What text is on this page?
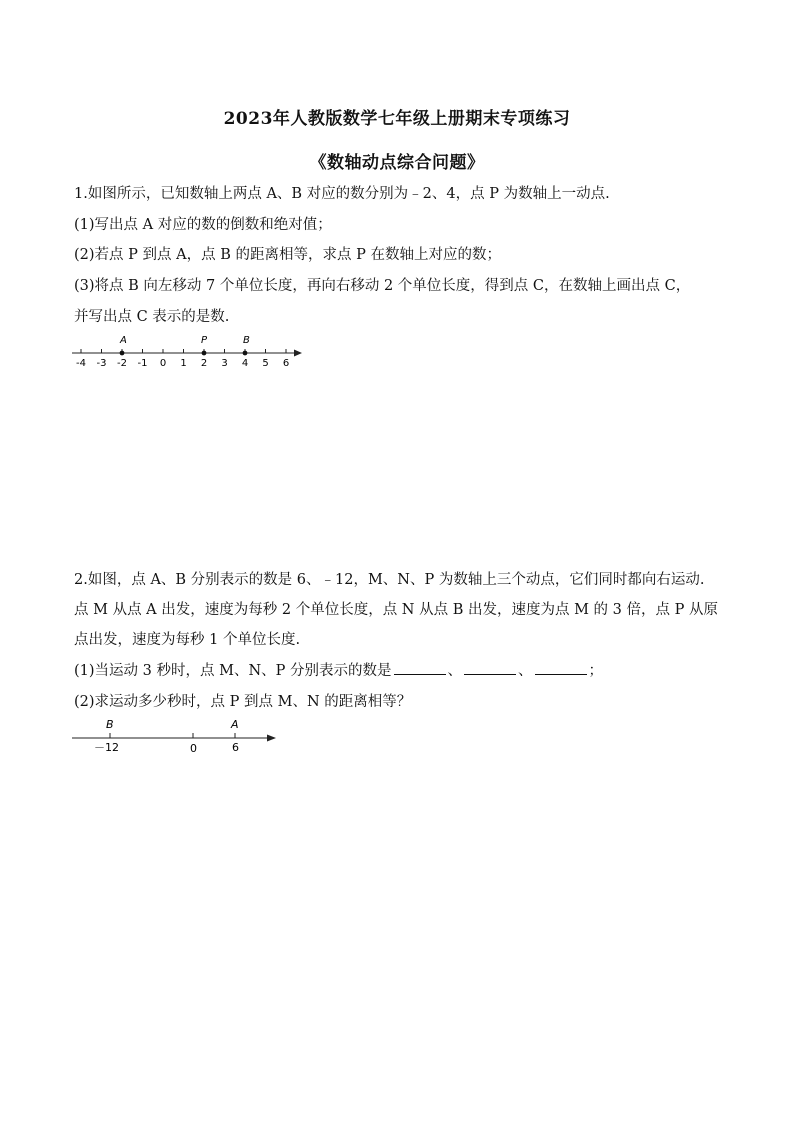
2023年人教版数学七年级上册期末专项练习
《数轴动点综合问题》
1.如图所示，已知数轴上两点 A、B 对应的数分别为﹣2、4，点 P 为数轴上一动点.
(1)写出点 A 对应的数的倒数和绝对值；
(2)若点 P 到点 A，点 B 的距离相等，求点 P 在数轴上对应的数；
(3)将点 B 向左移动 7 个单位长度，再向右移动 2 个单位长度，得到点 C，在数轴上画出点 C，
并写出点 C 表示的是数.
-4 -3 -2 -1 0 1 2 3 4 5 6
A	P	B
2.如图，点 A、B 分别表示的数是 6、﹣12，M、N、P 为数轴上三个动点，它们同时都向右运动.
点 M 从点 A 出发，速度为每秒 2 个单位长度，点 N 从点 B 出发，速度为点 M 的 3 倍，点 P 从原
点出发，速度为每秒 1 个单位长度.
(1)当运动 3 秒时，点 M、N、P 分别表示的数是	、	、	；
(2)求运动多少秒时，点 P 到点 M、N 的距离相等？
B	A
－12	0	6
